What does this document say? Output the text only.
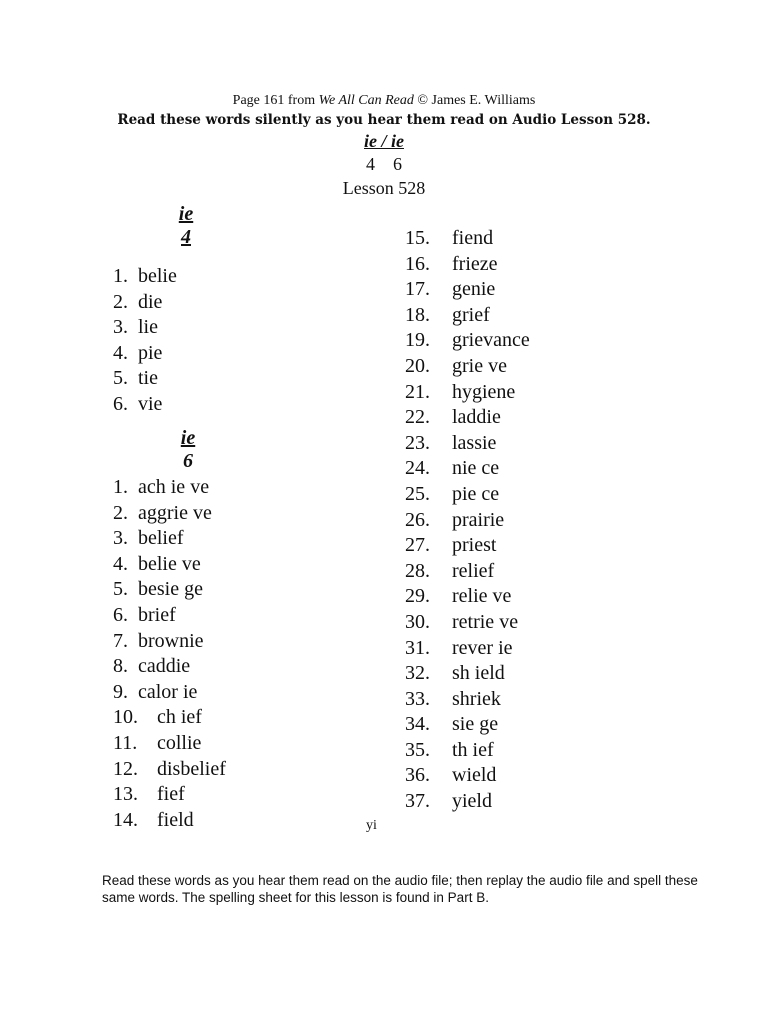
Page 161 from We All Can Read © James E. Williams
Read these words silently as you hear them read on Audio Lesson 528.
ie / ie
4    6
Lesson 528
ie
4
1. belie
2. die
3. lie
4. pie
5. tie
6. vie
ie
6
1. ach ie ve
2. aggrie ve
3. belief
4. belie ve
5. besie ge
6. brief
7. brownie
8. caddie
9. calor ie
10. ch ief
11. collie
12. disbelief
13. fief
14. field
15.	fiend
16.	frieze
17.	genie
18.	grief
19.	grievance
20.	grie ve
21.	hygiene
22.	laddie
23.	lassie
24.	nie ce
25.	pie ce
26.	prairie
27.	priest
28.	relief
29.	relie ve
30.	retrie ve
31.	rever ie
32.	sh ield
33.	shriek
34.	sie ge
35.	th ief
36.	wield
37.	yield
yi
Read these words as you hear them read on the audio file; then replay the audio file and spell these same words. The spelling sheet for this lesson is found in Part B.
